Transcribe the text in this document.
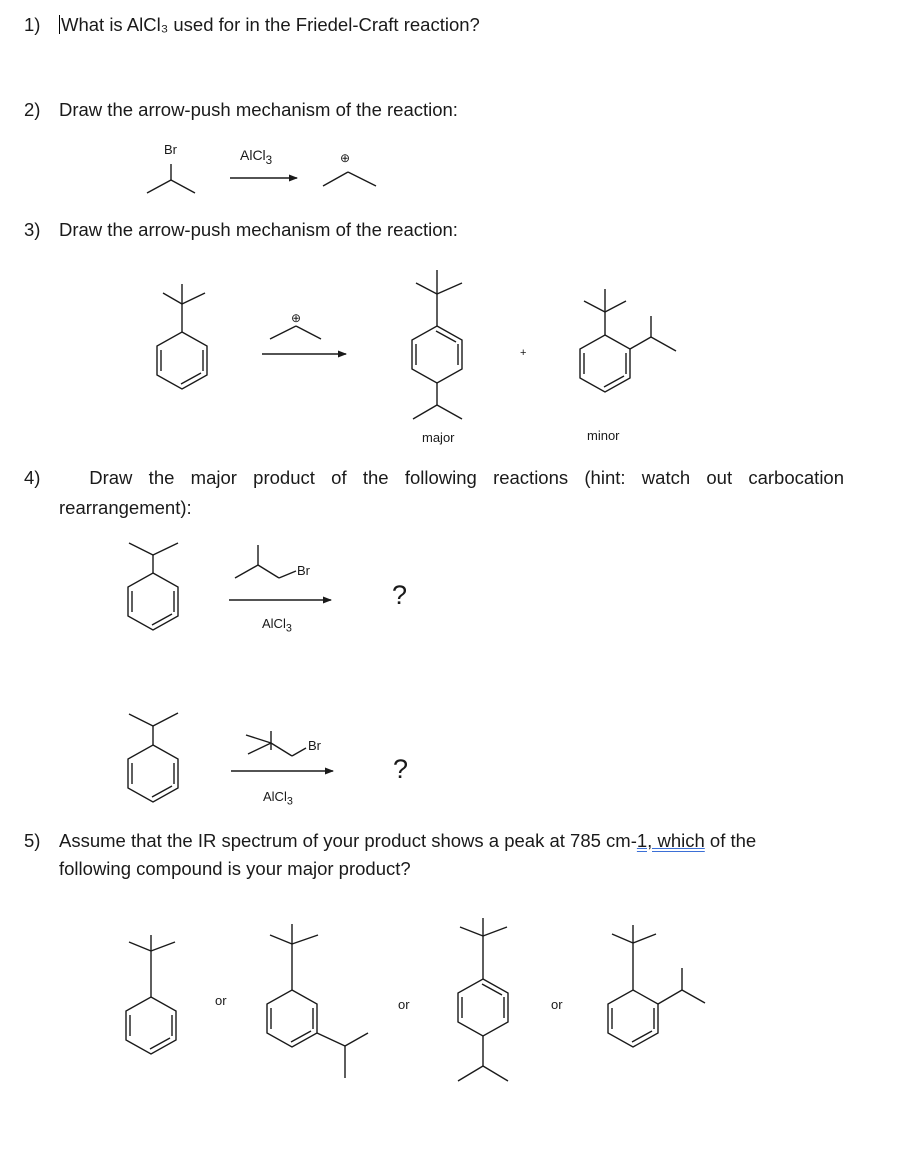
1) What is AlCl₃ used for in the Friedel-Craft reaction?
2) Draw the arrow-push mechanism of the reaction:
3) Draw the arrow-push mechanism of the reaction:
4)	Draw the major product of the following reactions (hint: watch out carbocation
rearrangement):
5) Assume that the IR spectrum of your product shows a peak at 785 cm-1, which of the
following compound is your major product?
Br	AlCl$_3$	⊕
⊕
+
major	minor
Br
AlCl$_3$
?
Br
AlCl$_3$
?
or	or	or
